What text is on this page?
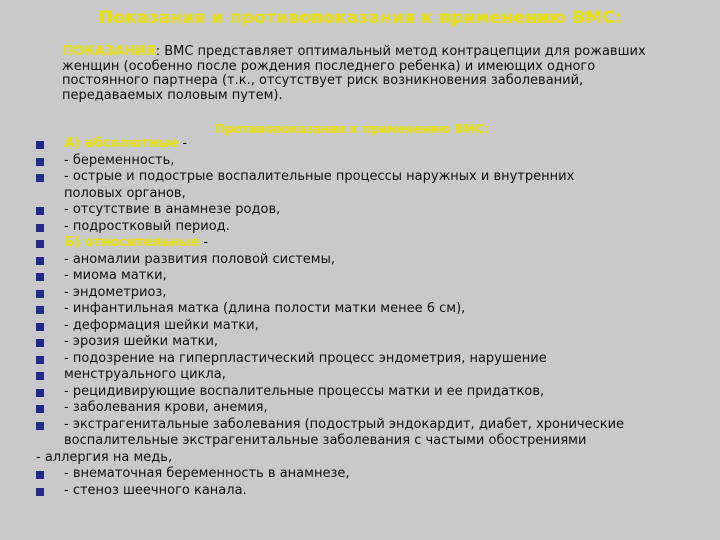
Показания и противопоказания к применению ВМС:
ПОКАЗАНИЯ: ВМС представляет оптимальный метод контрацепции для рожавших
женщин (особенно после рождения последнего ребенка) и имеющих одного
постоянного партнера (т.к., отсутствует риск возникновения заболеваний,
передаваемых половым путем).
Противопоказания к применению ВМС:
А) абсолютные -
- беременность,
- острые и подострые воспалительные процессы наружных и внутренних
половых органов,
- отсутствие в анамнезе родов,
- подростковый период.
Б) относительные -
- аномалии развития половой системы,
- миома матки,
- эндометриоз,
- инфантильная матка (длина полости матки менее 6 см),
- деформация шейки матки,
- эрозия шейки матки,
- подозрение на гиперпластический процесс эндометрия, нарушение
менструального цикла,
- рецидивирующие воспалительные процессы матки и ее придатков,
- заболевания крови, анемия,
- экстрагенитальные заболевания (подострый эндокардит, диабет, хронические
воспалительные экстрагенитальные заболевания с частыми обострениями
- аллергия на медь,
- внематочная беременность в анамнезе,
- стеноз шеечного канала.
